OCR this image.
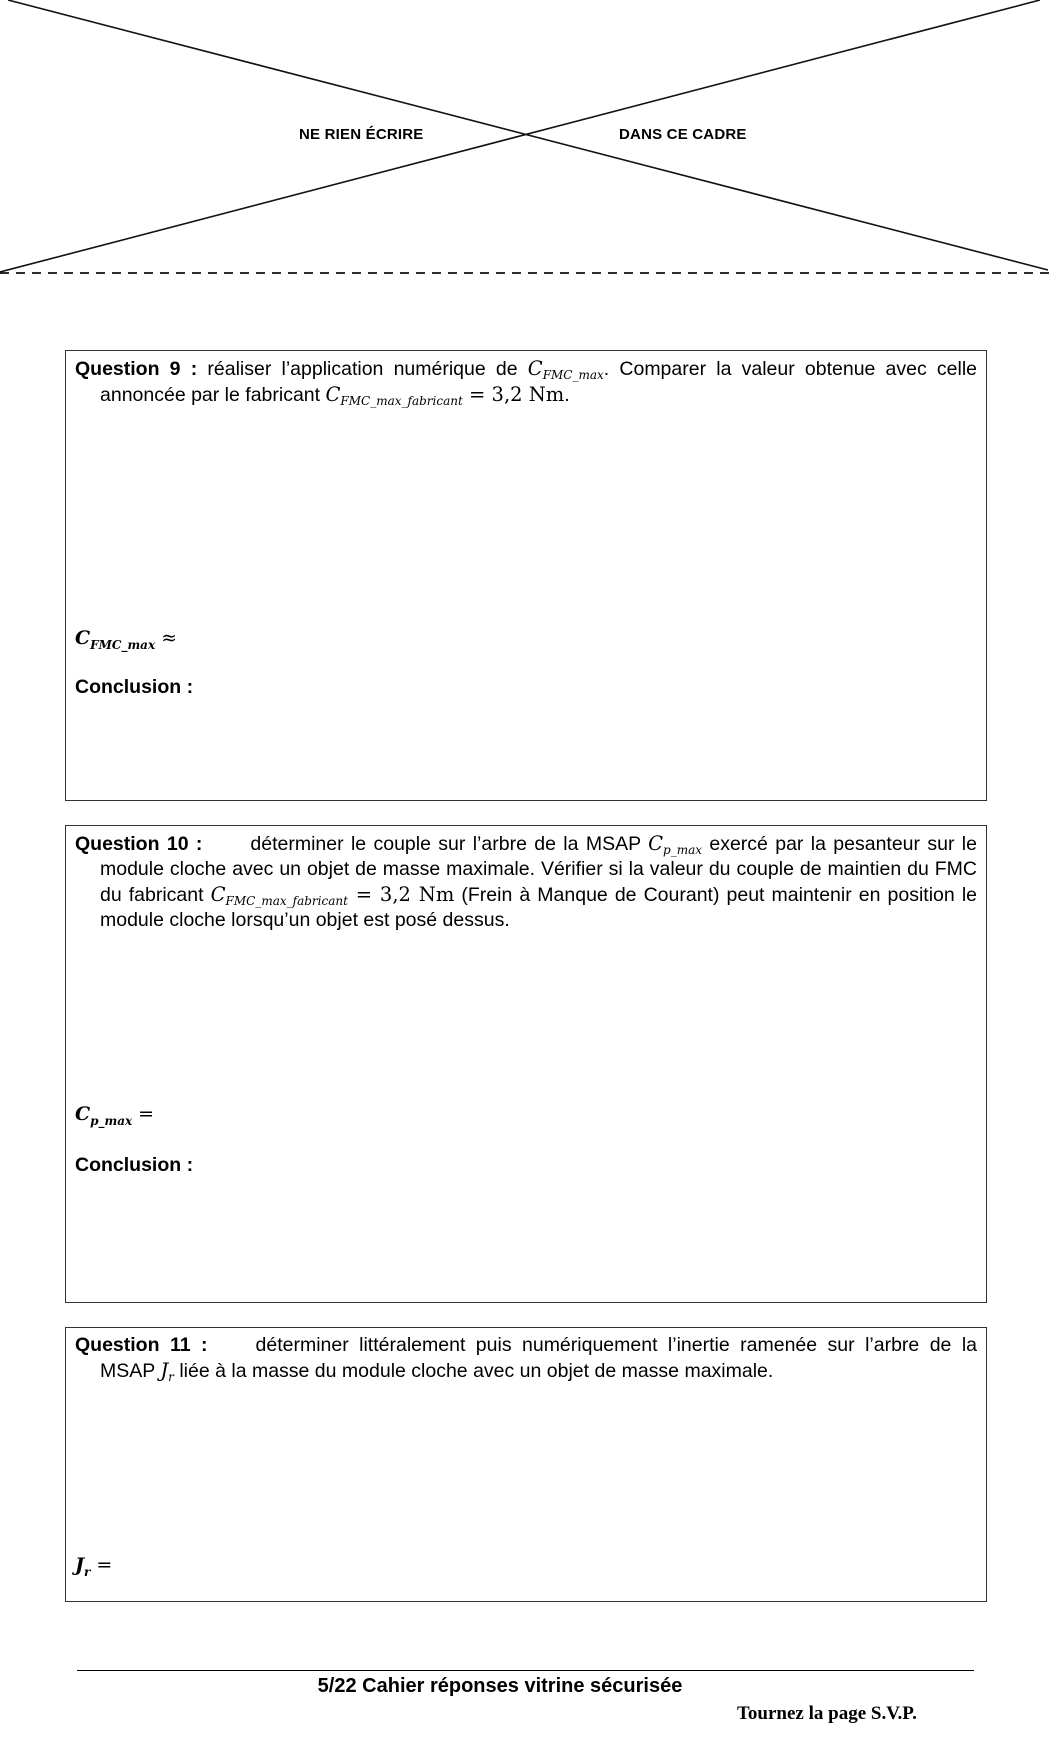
NE RIEN ÉCRIRE	DANS CE CADRE

Question 9 : réaliser l’application numérique de $C_{FMC\_max}$. Comparer la valeur obtenue avec celle annoncée par le fabricant $C_{FMC\_max\_fabricant} = 3,2$ Nm.

$C_{FMC\_max}$ ≈
Conclusion :

Question 10 : déterminer le couple sur l’arbre de la MSAP $C_{p\_max}$ exercé par la pesanteur sur le module cloche avec un objet de masse maximale. Vérifier si la valeur du couple de maintien du FMC du fabricant $C_{FMC\_max\_fabricant} = 3,2$ Nm (Frein à Manque de Courant) peut maintenir en position le module cloche lorsqu’un objet est posé dessus.

$C_{p\_max}$ =
Conclusion :

Question 11 : déterminer littéralement puis numériquement l’inertie ramenée sur l’arbre de la MSAP $J_r$ liée à la masse du module cloche avec un objet de masse maximale.

$J_r$ =
5/22 Cahier réponses vitrine sécurisée
Tournez la page S.V.P.
